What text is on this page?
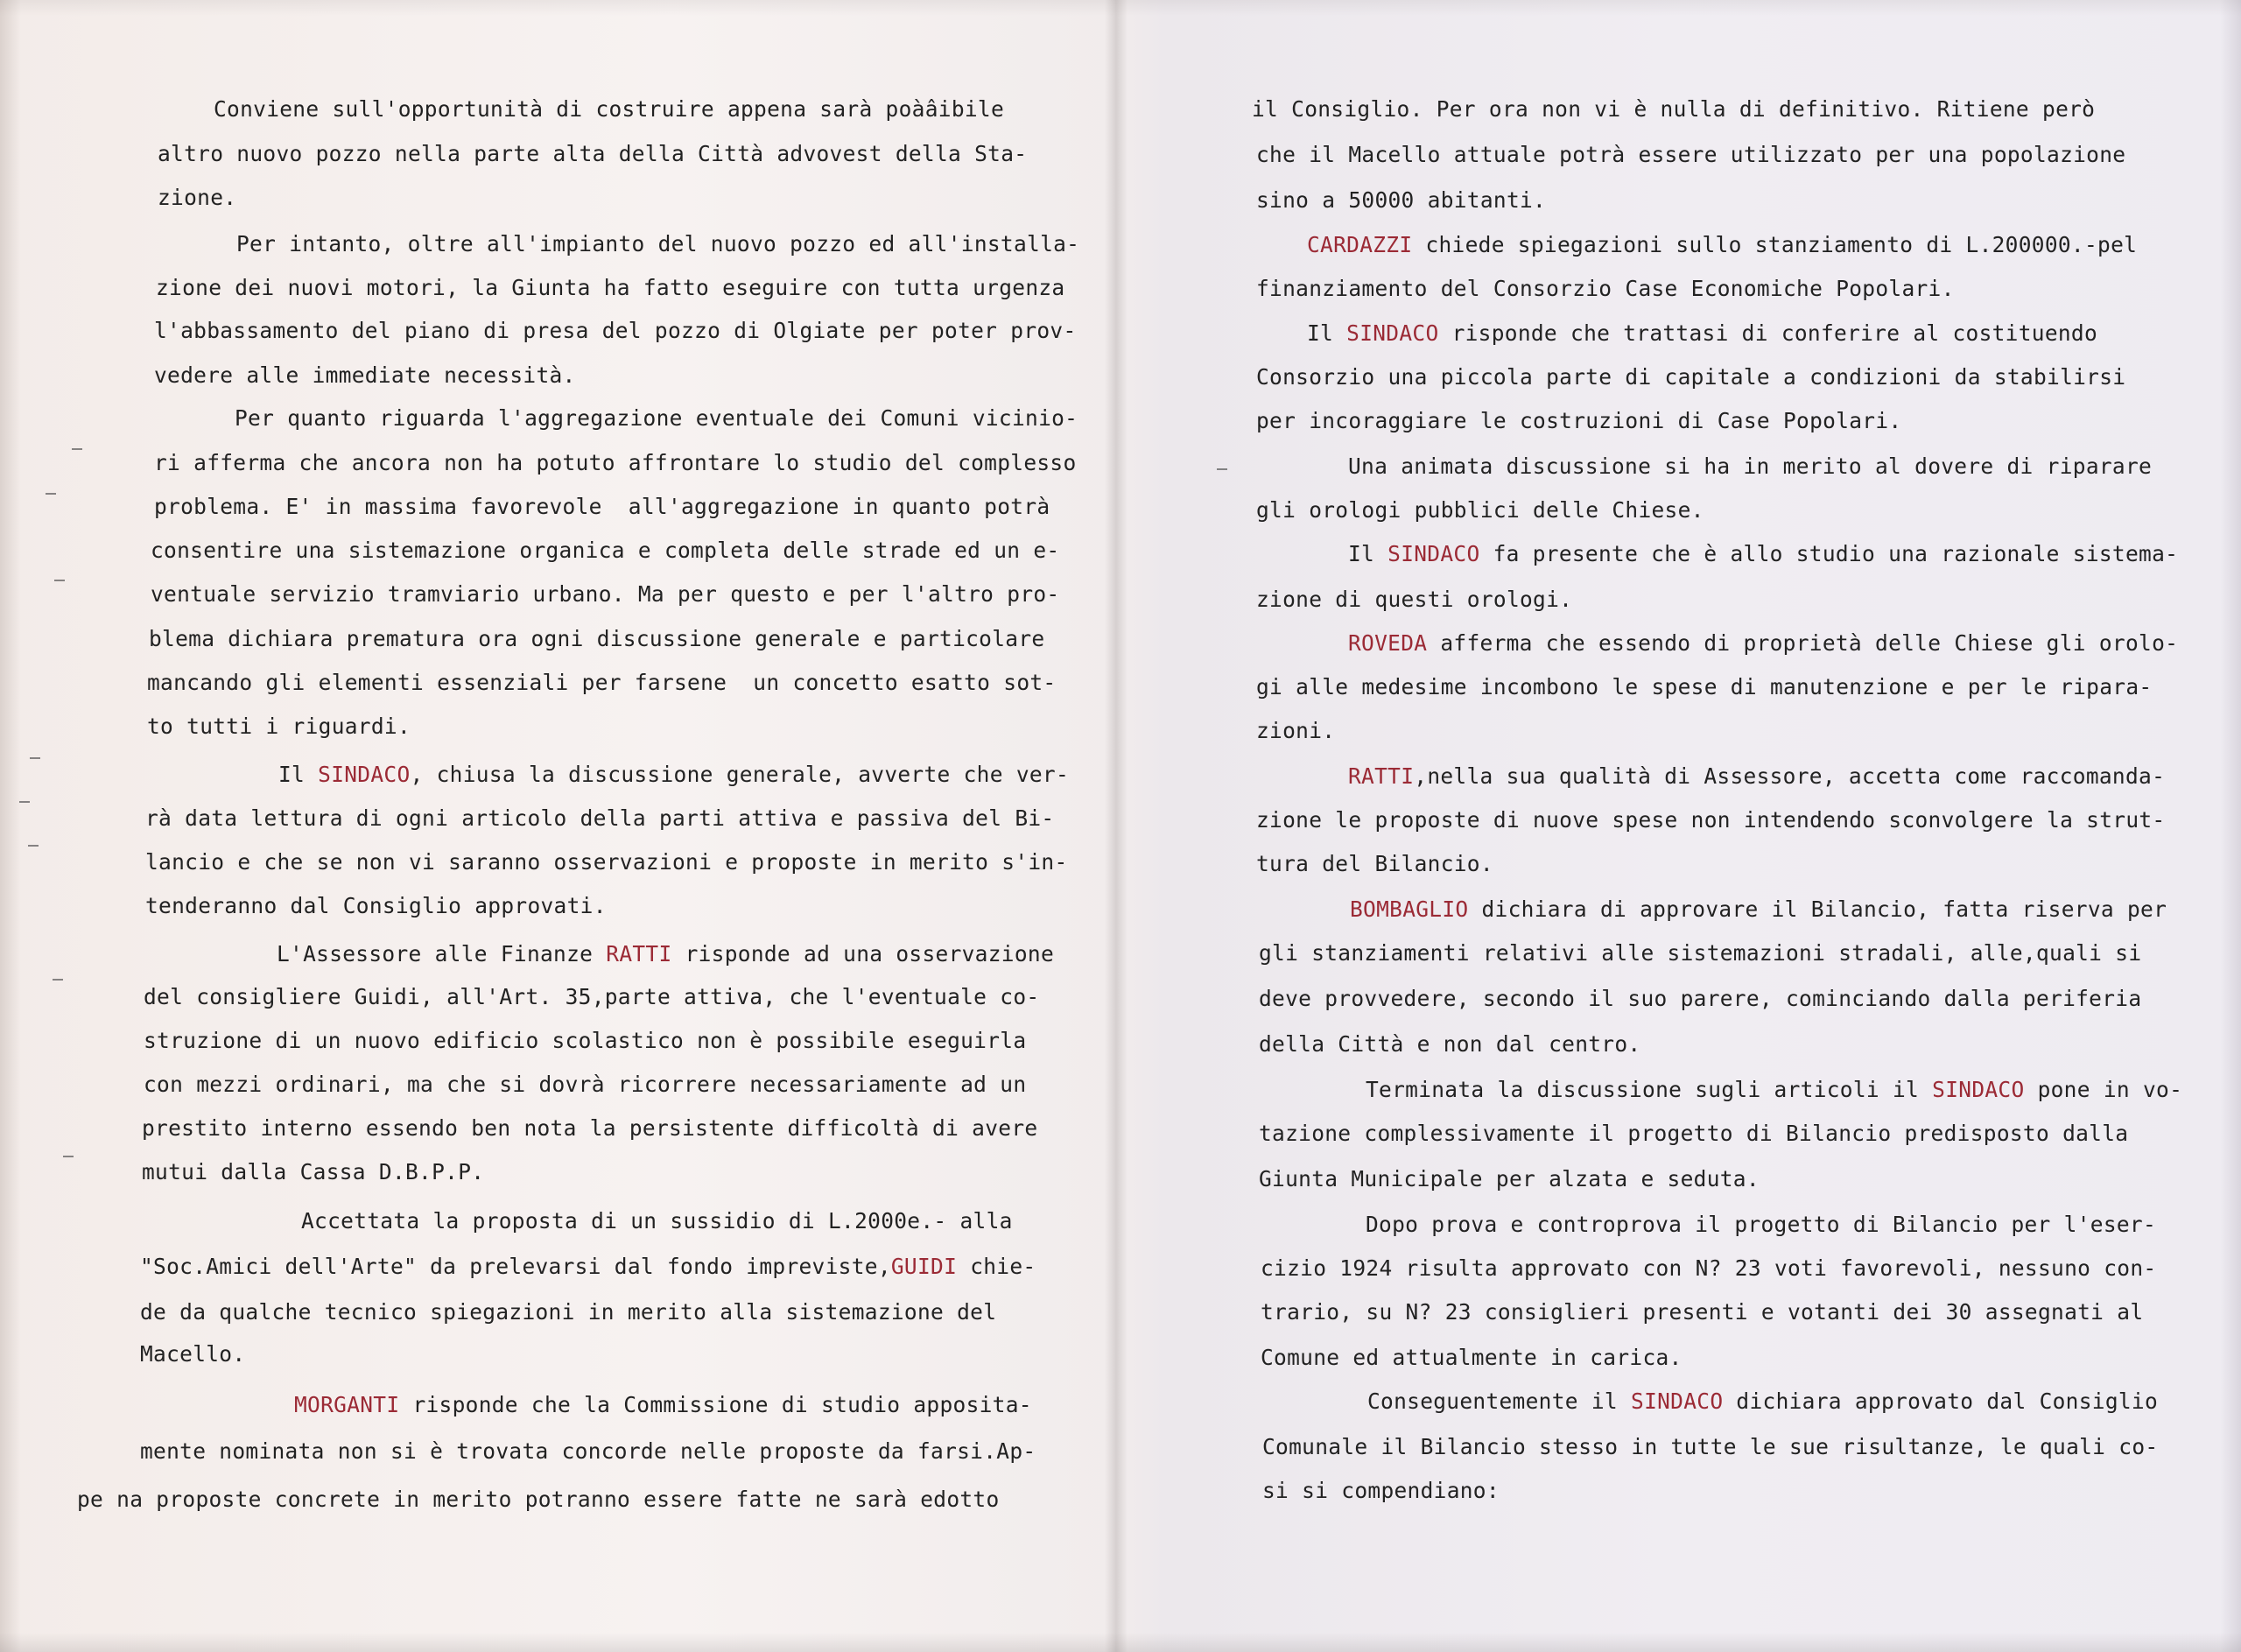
Conviene sull'opportunità di costruire appena sarà poàâibile

altro nuovo pozzo nella parte alta della Città advovest della Sta-

zione.

Per intanto, oltre all'impianto del nuovo pozzo ed all'installa-

zione dei nuovi motori, la Giunta ha fatto eseguire con tutta urgenza

l'abbassamento del piano di presa del pozzo di Olgiate per poter prov-

vedere alle immediate necessità.

Per quanto riguarda l'aggregazione eventuale dei Comuni vicinio-

ri afferma che ancora non ha potuto affrontare lo studio del complesso

problema. E' in massima favorevole  all'aggregazione in quanto potrà

consentire una sistemazione organica e completa delle strade ed un e-

ventuale servizio tramviario urbano. Ma per questo e per l'altro pro-

blema dichiara prematura ora ogni discussione generale e particolare

mancando gli elementi essenziali per farsene  un concetto esatto sot-

to tutti i riguardi.

Il SINDACO, chiusa la discussione generale, avverte che ver-

rà data lettura di ogni articolo della parti attiva e passiva del Bi-

lancio e che se non vi saranno osservazioni e proposte in merito s'in-

tenderanno dal Consiglio approvati.

L'Assessore alle Finanze RATTI risponde ad una osservazione

del consigliere Guidi, all'Art. 35,parte attiva, che l'eventuale co-

struzione di un nuovo edificio scolastico non è possibile eseguirla

con mezzi ordinari, ma che si dovrà ricorrere necessariamente ad un

prestito interno essendo ben nota la persistente difficoltà di avere

mutui dalla Cassa D.B.P.P.

Accettata la proposta di un sussidio di L.2000e.- alla

"Soc.Amici dell'Arte" da prelevarsi dal fondo impreviste,GUIDI chie-

de da qualche tecnico spiegazioni in merito alla sistemazione del

Macello.

MORGANTI risponde che la Commissione di studio apposita-

mente nominata non si è trovata concorde nelle proposte da farsi.Ap-

pe na proposte concrete in merito potranno essere fatte ne sarà edotto

il Consiglio. Per ora non vi è nulla di definitivo. Ritiene però

che il Macello attuale potrà essere utilizzato per una popolazione

sino a 50000 abitanti.

CARDAZZI chiede spiegazioni sullo stanziamento di L.200000.-pel

finanziamento del Consorzio Case Economiche Popolari.

Il SINDACO risponde che trattasi di conferire al costituendo

Consorzio una piccola parte di capitale a condizioni da stabilirsi

per incoraggiare le costruzioni di Case Popolari.

Una animata discussione si ha in merito al dovere di riparare

gli orologi pubblici delle Chiese.

Il SINDACO fa presente che è allo studio una razionale sistema-

zione di questi orologi.

ROVEDA afferma che essendo di proprietà delle Chiese gli orolo-

gi alle medesime incombono le spese di manutenzione e per le ripara-

zioni.

RATTI,nella sua qualità di Assessore, accetta come raccomanda-

zione le proposte di nuove spese non intendendo sconvolgere la strut-

tura del Bilancio.

BOMBAGLIO dichiara di approvare il Bilancio, fatta riserva per

gli stanziamenti relativi alle sistemazioni stradali, alle,quali si

deve provvedere, secondo il suo parere, cominciando dalla periferia

della Città e non dal centro.

Terminata la discussione sugli articoli il SINDACO pone in vo-

tazione complessivamente il progetto di Bilancio predisposto dalla

Giunta Municipale per alzata e seduta.

Dopo prova e controprova il progetto di Bilancio per l'eser-

cizio 1924 risulta approvato con N? 23 voti favorevoli, nessuno con-

trario, su N? 23 consiglieri presenti e votanti dei 30 assegnati al

Comune ed attualmente in carica.

Conseguentemente il SINDACO dichiara approvato dal Consiglio

Comunale il Bilancio stesso in tutte le sue risultanze, le quali co-

si si compendiano:
